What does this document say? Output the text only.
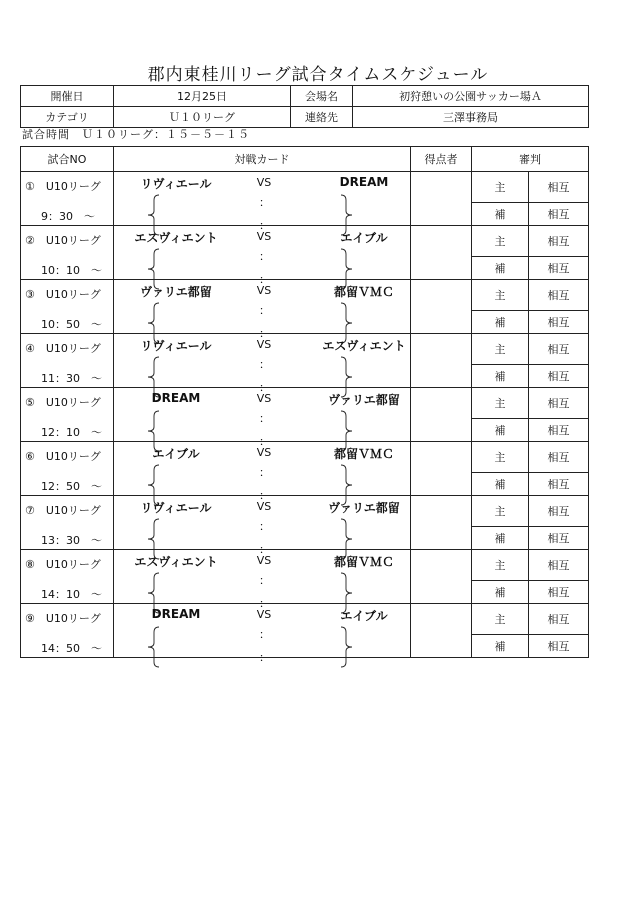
郡内東桂川リーグ試合タイムスケジュール
開催日	12月25日	会場名	初狩憩いの公園サッカー場Ａ
カテゴリ	Ｕ１０リーグ	連絡先	三澤事務局
試合時間　Ｕ１０リーグ：１５－５－１５
試合NO	対戦カード	得点者	審判	

①　 U10リーグ
9：30　～	リヴィエール VS DREAM
：
：		主	相互
			補	相互

②　 U10リーグ
10：10　～	エスヴィエント VS エイブル
：
：		主	相互
			補	相互

③　 U10リーグ
10：50　～	ヴァリエ都留 VS 都留ＶＭＣ
：
：		主	相互
			補	相互

④　 U10リーグ
11：30　～	リヴィエール VS エスヴィエント
：
：		主	相互
			補	相互

⑤　 U10リーグ
12：10　～	DREAM VS ヴァリエ都留
：
：		主	相互
			補	相互

⑥　 U10リーグ
12：50　～	エイブル VS 都留ＶＭＣ
：
：		主	相互
			補	相互

⑦　 U10リーグ
13：30　～	リヴィエール VS ヴァリエ都留
：
：		主	相互
			補	相互

⑧　 U10リーグ
14：10　～	エスヴィエント VS 都留ＶＭＣ
：
：		主	相互
			補	相互

⑨　 U10リーグ
14：50　～	DREAM VS エイブル
：
：		主	相互
			補	相互
